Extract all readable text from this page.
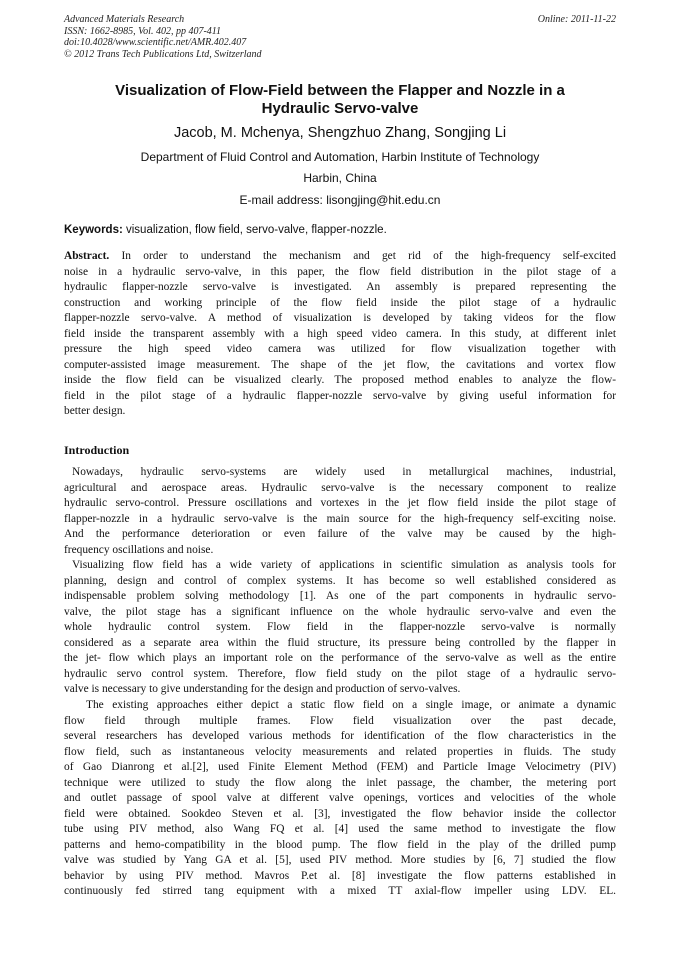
Advanced Materials Research
ISSN: 1662-8985, Vol. 402, pp 407-411
doi:10.4028/www.scientific.net/AMR.402.407
© 2012 Trans Tech Publications Ltd, Switzerland
Online: 2011-11-22
Visualization of Flow-Field between the Flapper and Nozzle in a
Hydraulic Servo-valve
Jacob, M. Mchenya, Shengzhuo Zhang, Songjing Li
Department of Fluid Control and Automation, Harbin Institute of Technology
Harbin, China
E-mail address: lisongjing@hit.edu.cn
Keywords: visualization, flow field, servo-valve, flapper-nozzle.
Abstract. In order to understand the mechanism and get rid of the high-frequency self-excited
noise in a hydraulic servo-valve, in this paper, the flow field distribution in the pilot stage of a
hydraulic flapper-nozzle servo-valve is investigated. An assembly is prepared representing the
construction and working principle of the flow field inside the pilot stage of a hydraulic
flapper-nozzle servo-valve. A method of visualization is developed by taking videos for the flow
field inside the transparent assembly with a high speed video camera. In this study, at different inlet
pressure the high speed video camera was utilized for flow visualization together with
computer-assisted image measurement. The shape of the jet flow, the cavitations and vortex flow
inside the flow field can be visualized clearly. The proposed method enables to analyze the flow-
field in the pilot stage of a hydraulic flapper-nozzle servo-valve by giving useful information for
better design.
Introduction
Nowadays, hydraulic servo-systems are widely used in metallurgical machines, industrial,
agricultural and aerospace areas. Hydraulic servo-valve is the necessary component to realize
hydraulic servo-control. Pressure oscillations and vortexes in the jet flow field inside the pilot stage of
flapper-nozzle in a hydraulic servo-valve is the main source for the high-frequency self-exciting noise.
And the performance deterioration or even failure of the valve may be caused by the high-
frequency oscillations and noise.
Visualizing flow field has a wide variety of applications in scientific simulation as analysis tools for
planning, design and control of complex systems. It has become so well established considered as
indispensable problem solving methodology [1]. As one of the part components in hydraulic servo-
valve, the pilot stage has a significant influence on the whole hydraulic servo-valve and even the
whole hydraulic control system. Flow field in the flapper-nozzle servo-valve is normally
considered as a separate area within the fluid structure, its pressure being controlled by the flapper in
the jet- flow which plays an important role on the performance of the servo-valve as well as the entire
hydraulic servo control system. Therefore, flow field study on the pilot stage of a hydraulic servo-
valve is necessary to give understanding for the design and production of servo-valves.
The existing approaches either depict a static flow field on a single image, or animate a dynamic
flow field through multiple frames. Flow field visualization over the past decade,
several researchers has developed various methods for identification of the flow characteristics in the
flow field, such as instantaneous velocity measurements and related properties in fluids. The study
of Gao Dianrong et al.[2], used Finite Element Method (FEM) and Particle Image Velocimetry (PIV)
technique were utilized to study the flow along the inlet passage, the chamber, the metering port
and outlet passage of spool valve at different valve openings, vortices and velocities of the whole
field were obtained. Sookdeo Steven et al. [3], investigated the flow behavior inside the collector
tube using PIV method, also Wang FQ et al. [4] used the same method to investigate the flow
patterns and hemo-compatibility in the blood pump. The flow field in the play of the drilled pump
valve was studied by Yang GA et al. [5], used PIV method. More studies by [6, 7] studied the flow
behavior by using PIV method. Mavros P.et al. [8] investigate the flow patterns established in
continuously fed stirred tang equipment with a mixed TT axial-flow impeller using LDV. EL.
